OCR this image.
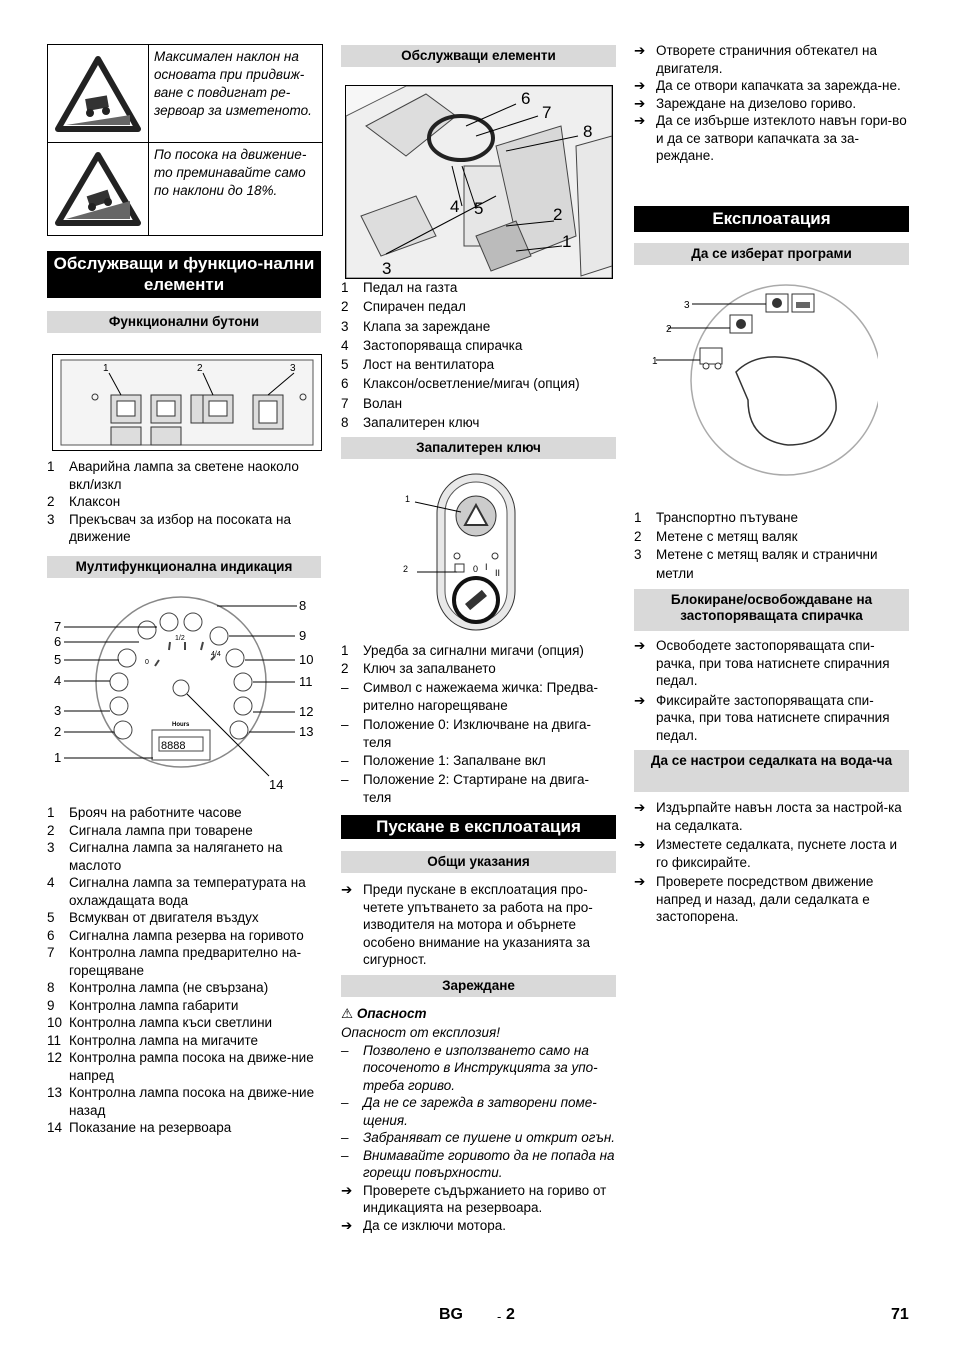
0%
Максимален наклон на основата при придвиж-ване с повдигнат ре-зервоар за изметеното.
18%
По посока на движение-то преминавайте само по наклони до 18%.
Обслужващи и функцио-нални елементи
Функционални бутони
1	2	3
1	Аварийна лампа за светене наоколо вкл/изкл
2	Клаксон
3	Прекъсвач за избор на посоката на движение
Мултифункционална индикация
0
1/2
4/4
Hours
8888
7
6
5
4
3
2
1
8
9
10
11
12
13
14
1	Брояч на работните часове
2	Сигнала лампа при товарене
3	Сигнална лампа за налягането на маслото
4	Сигнална лампа за температурата на охлаждащата вода
5	Всмукван от двигателя въздух
6	Сигнална лампа резерва на горивото
7	Контролна лампа предварително на-горещяване
8	Контролна лампа (не свързана)
9	Контролна лампа габарити
10 Контролна лампа къси светлини
11 Контролна лампа на мигачите
12 Контролна рампа посока на движе-ние напред
13 Контролна лампа посока на движе-ние назад
14 Показание на резервоара
Обслужващи елементи
6
7
8
4 5	2
1
3
1	Педал на газта
2	Спирачен педал
3	Клапа за зареждане
4	Застопоряваща спирачка
5	Лост на вентилатора
6	Клаксон/осветление/мигач (опция)
7	Волан
8	Запалитерен ключ
Запалитерен ключ
0 I
II
1
2
1	Уредба за сигнални мигачи (опция)
2	Ключ за запалването
–	Символ с нажежаема жичка: Предва-рително нагорещяване
–	Положение 0: Изключване на двига-теля
–	Положение 1: Запалване вкл
–	Положение 2: Стартиране на двига-теля
Пускане в експлоатация
Общи указания
➔ Преди пускане в експлоатация про-четете упътването за работа на про-изводителя на мотора и обърнете особено внимание на указанията за сигурност.
Зареждане
⚠ Опасност
Опасност от експлозия!
–	Позволено е използването само на посоченото в Инструкцията за упо-треба гориво.
–	Да не се зарежда в затворени поме-щения.
–	Забраняват се пушене и открит огън.
–	Внимавайте горивото да не попада на горещи повърхности.
➔ Проверете съдържанието на гориво от индикацията на резервоара.
➔ Да се изключи мотора.
➔ Отворете страничния обтекател на двигателя.
➔ Да се отвори капачката за зарежда-не.
➔ Зареждане на дизелово гориво.
➔ Да се избърше изтеклото навън гори-во и да се затвори капачката за за-реждане.
Експлоатация
Да се изберат програми
1
2
3
1	Транспортно пътуване
2	Метене с метящ валяк
3	Метене с метящ валяк и странични метли
Блокиране/освобождаване на застопоряващата спирачка
➔ Освободете застопоряващата спи-рачка, при това натиснете спирачния педал.
➔ Фиксирайте застопоряващата спи-рачка, при това натиснете спирачния педал.
Да се настрои седалката на вода-ча
➔ Издърпайте навън лоста за настрой-ка на седалката.
➔ Изместете седалката, пуснете лоста и го фиксирайте.
➔ Проверете посредством движение напред и назад, дали седалката е застопорена.
BG	- 2	71
